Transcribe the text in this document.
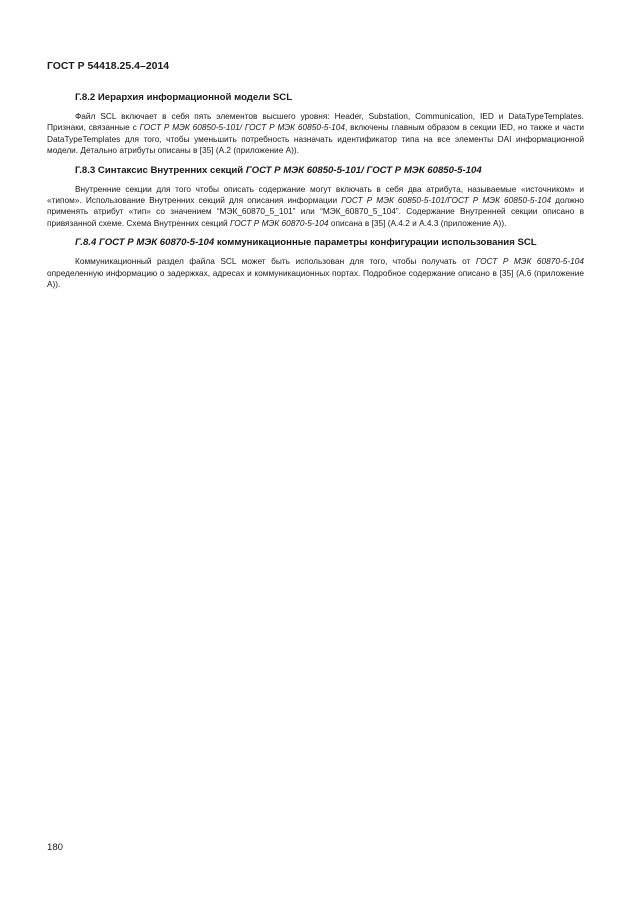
ГОСТ Р 54418.25.4–2014

Г.8.2 Иерархия информационной модели SCL

Файл SCL включает в себя пять элементов высшего уровня: Header, Substation, Communication, IED и DataTypeTemplates. Признаки, связанные с ГОСТ Р МЭК 60850-5-101/ ГОСТ Р МЭК 60850-5-104, включены главным образом в секции IED, но также и части DataTypeTemplates для того, чтобы уменьшить потребность назначать идентификатор типа на все элементы DAI информационной модели. Детально атрибуты описаны в [35] (А.2 (приложение А)).

Г.8.3 Синтаксис Внутренних секций ГОСТ Р МЭК 60850-5-101/ ГОСТ Р МЭК 60850-5-104

Внутренние секции для того чтобы описать содержание могут включать в себя два атрибута, называемые «источником» и «типом». Использование Внутренних секций для описания информации ГОСТ Р МЭК 60850-5-101/ГОСТ Р МЭК 60850-5-104 должно применять атрибут «тип» со значением “МЭК_60870_5_101” или “МЭК_60870_5_104”. Содержание Внутренней секции описано в привязанной схеме. Схема Внутренних секций ГОСТ Р МЭК 60870-5-104 описана в [35] (А.4.2 и А.4.3 (приложение А)).

Г.8.4 ГОСТ Р МЭК 60870-5-104 коммуникационные параметры конфигурации использования SCL

Коммуникационный раздел файла SCL может быть использован для того, чтобы получать от ГОСТ Р МЭК 60870-5-104 определенную информацию о задержках, адресах и коммуникационных портах. Подробное содержание описано в [35] (А.6 (приложение А)).

180
